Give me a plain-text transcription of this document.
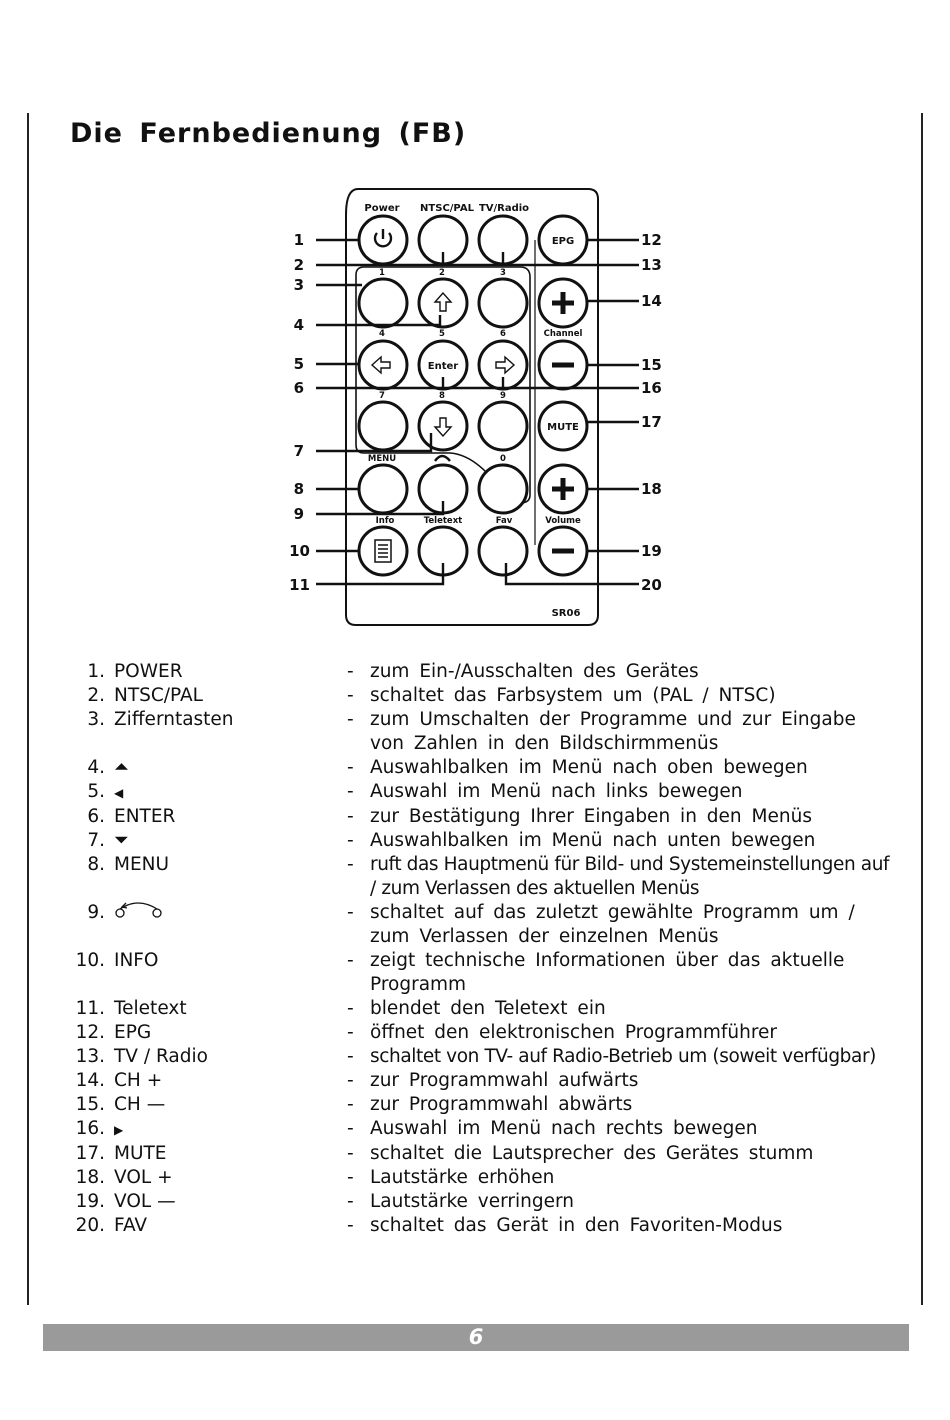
Die Fernbedienung (FB)
Power NTSC/PAL TV/Radio
1	2	3
4	5	6
7	8	9
MENU	0
Channel
Info	Teletext	Fav	Volume
EPG
Enter
MUTE
SR06
1
2
3
4
5
6
7
8
9
10
11
12
13
14
15
16
17
18
19
20
1. POWER	- zum Ein-/Ausschalten des Gerätes
2. NTSC/PAL	- schaltet das Farbsystem um (PAL / NTSC)
3. Zifferntasten	- zum Umschalten der Programme und zur Eingabe von Zahlen in den Bildschirmmenüs
4. ⏶	- Auswahlbalken im Menü nach oben bewegen
5. ◀	- Auswahl im Menü nach links bewegen
6. ENTER	- zur Bestätigung Ihrer Eingaben in den Menüs
7. ⏷	- Auswahlbalken im Menü nach unten bewegen
8. MENU	- ruft das Hauptmenü für Bild- und Systemeinstellungen auf / zum Verlassen des aktuellen Menüs
9.	- schaltet auf das zuletzt gewählte Programm um / zum Verlassen der einzelnen Menüs
10. INFO	- zeigt technische Informationen über das aktuelle Programm
11. Teletext	- blendet den Teletext ein
12. EPG	- öffnet den elektronischen Programmführer
13. TV / Radio	- schaltet von TV- auf Radio-Betrieb um (soweit verfügbar)
14. CH +	- zur Programmwahl aufwärts
15. CH —	- zur Programmwahl abwärts
16. ▶	- Auswahl im Menü nach rechts bewegen
17. MUTE	- schaltet die Lautsprecher des Gerätes stumm
18. VOL +	- Lautstärke erhöhen
19. VOL —	- Lautstärke verringern
20. FAV	- schaltet das Gerät in den Favoriten-Modus
6
